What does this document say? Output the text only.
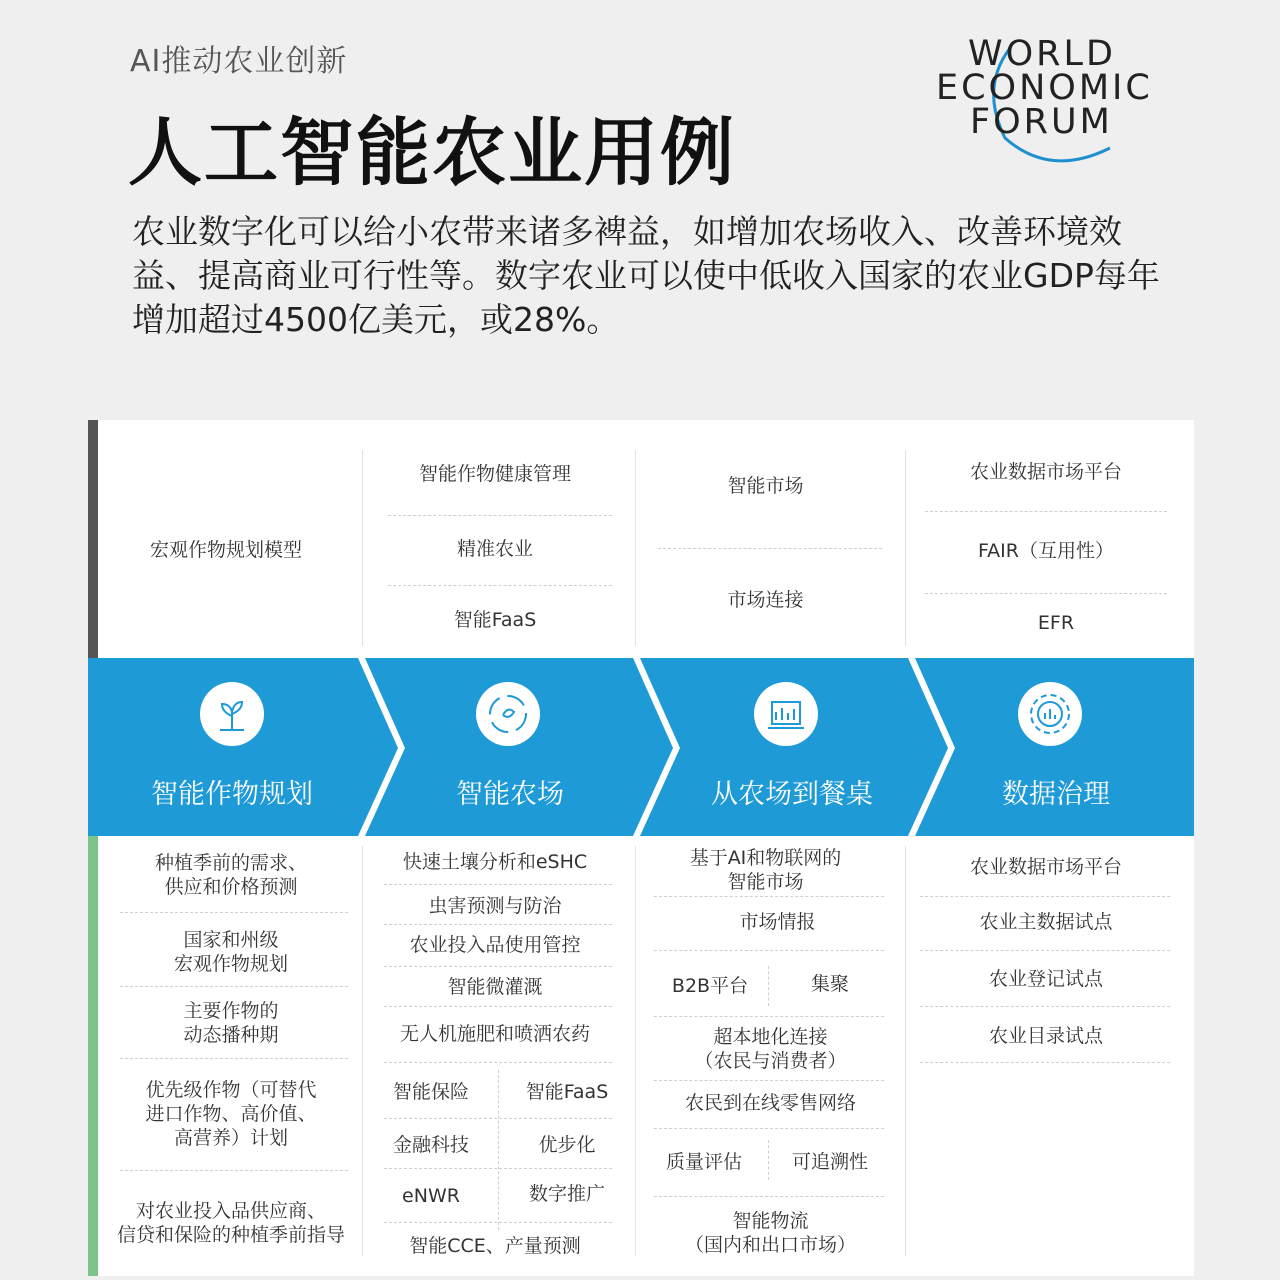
AI推动农业创新
人工智能农业用例
农业数字化可以给小农带来诸多裨益，如增加农场收入、改善环境效益、提高商业可行性等。数字农业可以使中低收入国家的农业GDP每年增加超过4500亿美元，或28%。
WORLD
ECONOMIC
FORUM
宏观作物规划模型
智能作物健康管理
精准农业
智能FaaS
智能市场
市场连接
农业数据市场平台
FAIR（互用性）
EFR
智能作物规划	智能农场	从农场到餐桌	数据治理
种植季前的需求、
供应和价格预测
国家和州级
宏观作物规划
主要作物的
动态播种期
优先级作物（可替代
进口作物、高价值、
高营养）计划
对农业投入品供应商、
信贷和保险的种植季前指导
快速土壤分析和eSHC
虫害预测与防治
农业投入品使用管控
智能微灌溉
无人机施肥和喷洒农药
智能保险	智能FaaS
金融科技	优步化
eNWR	数字推广
智能CCE、产量预测
基于AI和物联网的
智能市场
市场情报
B2B平台	集聚
超本地化连接
（农民与消费者）
农民到在线零售网络
质量评估	可追溯性
智能物流
（国内和出口市场）
农业数据市场平台
农业主数据试点
农业登记试点
农业目录试点
